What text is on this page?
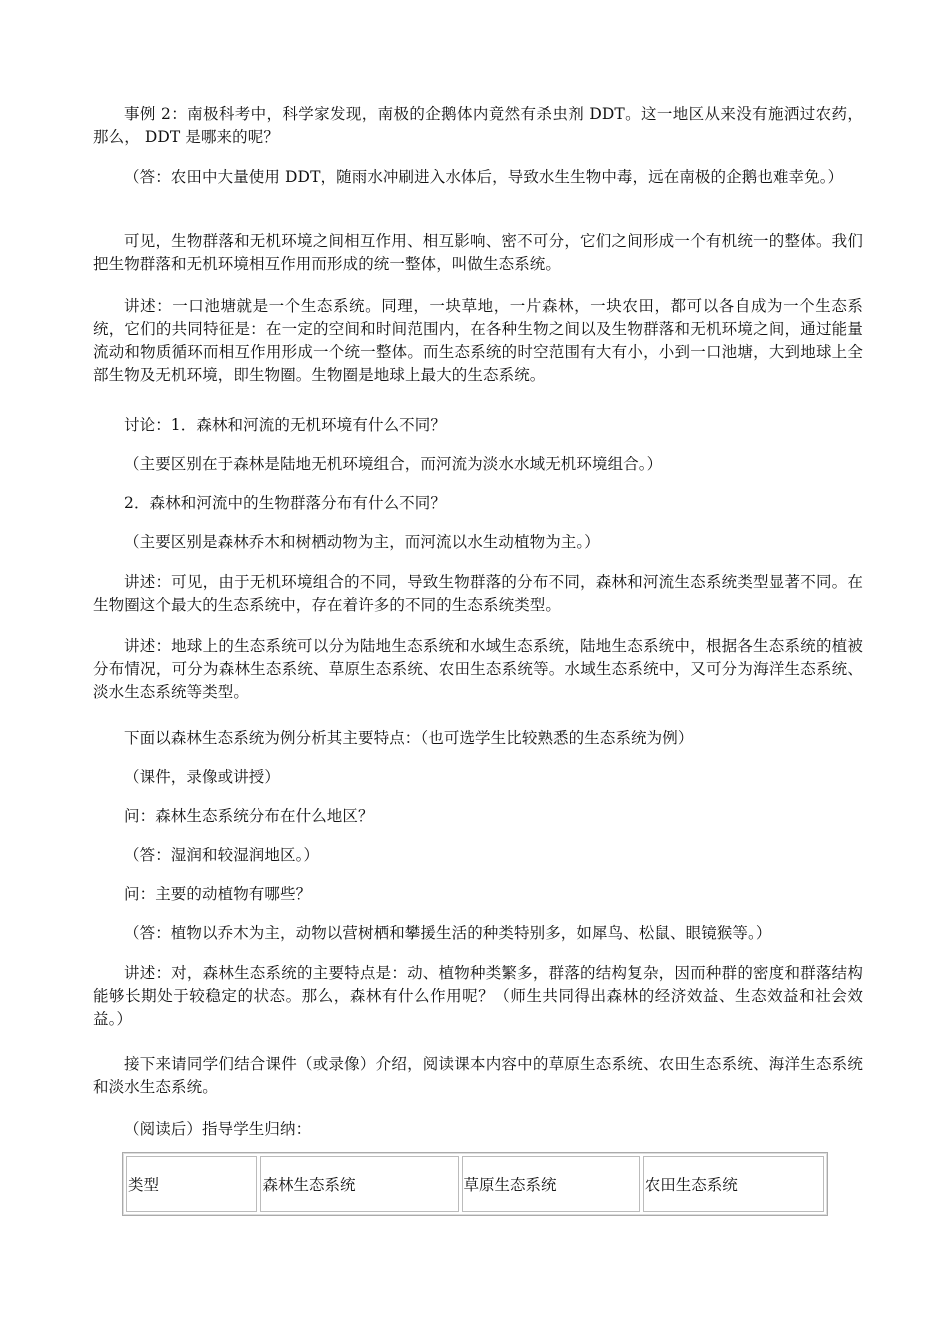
事例 2：南极科考中，科学家发现，南极的企鹅体内竟然有杀虫剂 DDT。这一地区从来没有施洒过农药，那么， DDT 是哪来的呢？

（答：农田中大量使用 DDT，随雨水冲刷进入水体后，导致水生生物中毒，远在南极的企鹅也难幸免。）

可见，生物群落和无机环境之间相互作用、相互影响、密不可分，它们之间形成一个有机统一的整体。我们把生物群落和无机环境相互作用而形成的统一整体，叫做生态系统。

讲述：一口池塘就是一个生态系统。同理，一块草地，一片森林，一块农田，都可以各自成为一个生态系统，它们的共同特征是：在一定的空间和时间范围内，在各种生物之间以及生物群落和无机环境之间，通过能量流动和物质循环而相互作用形成一个统一整体。而生态系统的时空范围有大有小，小到一口池塘，大到地球上全部生物及无机环境，即生物圈。生物圈是地球上最大的生态系统。

讨论：1．森林和河流的无机环境有什么不同？

（主要区别在于森林是陆地无机环境组合，而河流为淡水水域无机环境组合。）

2．森林和河流中的生物群落分布有什么不同？

（主要区别是森林乔木和树栖动物为主，而河流以水生动植物为主。）

讲述：可见，由于无机环境组合的不同，导致生物群落的分布不同，森林和河流生态系统类型显著不同。在生物圈这个最大的生态系统中，存在着许多的不同的生态系统类型。

讲述：地球上的生态系统可以分为陆地生态系统和水域生态系统，陆地生态系统中，根据各生态系统的植被分布情况，可分为森林生态系统、草原生态系统、农田生态系统等。水域生态系统中，又可分为海洋生态系统、淡水生态系统等类型。

下面以森林生态系统为例分析其主要特点：（也可选学生比较熟悉的生态系统为例）

（课件，录像或讲授）

问：森林生态系统分布在什么地区？

（答：湿润和较湿润地区。）

问：主要的动植物有哪些？

（答：植物以乔木为主，动物以营树栖和攀援生活的种类特别多，如犀鸟、松鼠、眼镜猴等。）

讲述：对，森林生态系统的主要特点是：动、植物种类繁多，群落的结构复杂，因而种群的密度和群落结构能够长期处于较稳定的状态。那么，森林有什么作用呢？（师生共同得出森林的经济效益、生态效益和社会效益。）

接下来请同学们结合课件（或录像）介绍，阅读课本内容中的草原生态系统、农田生态系统、海洋生态系统和淡水生态系统。

（阅读后）指导学生归纳：

类型	森林生态系统	草原生态系统	农田生态系统
